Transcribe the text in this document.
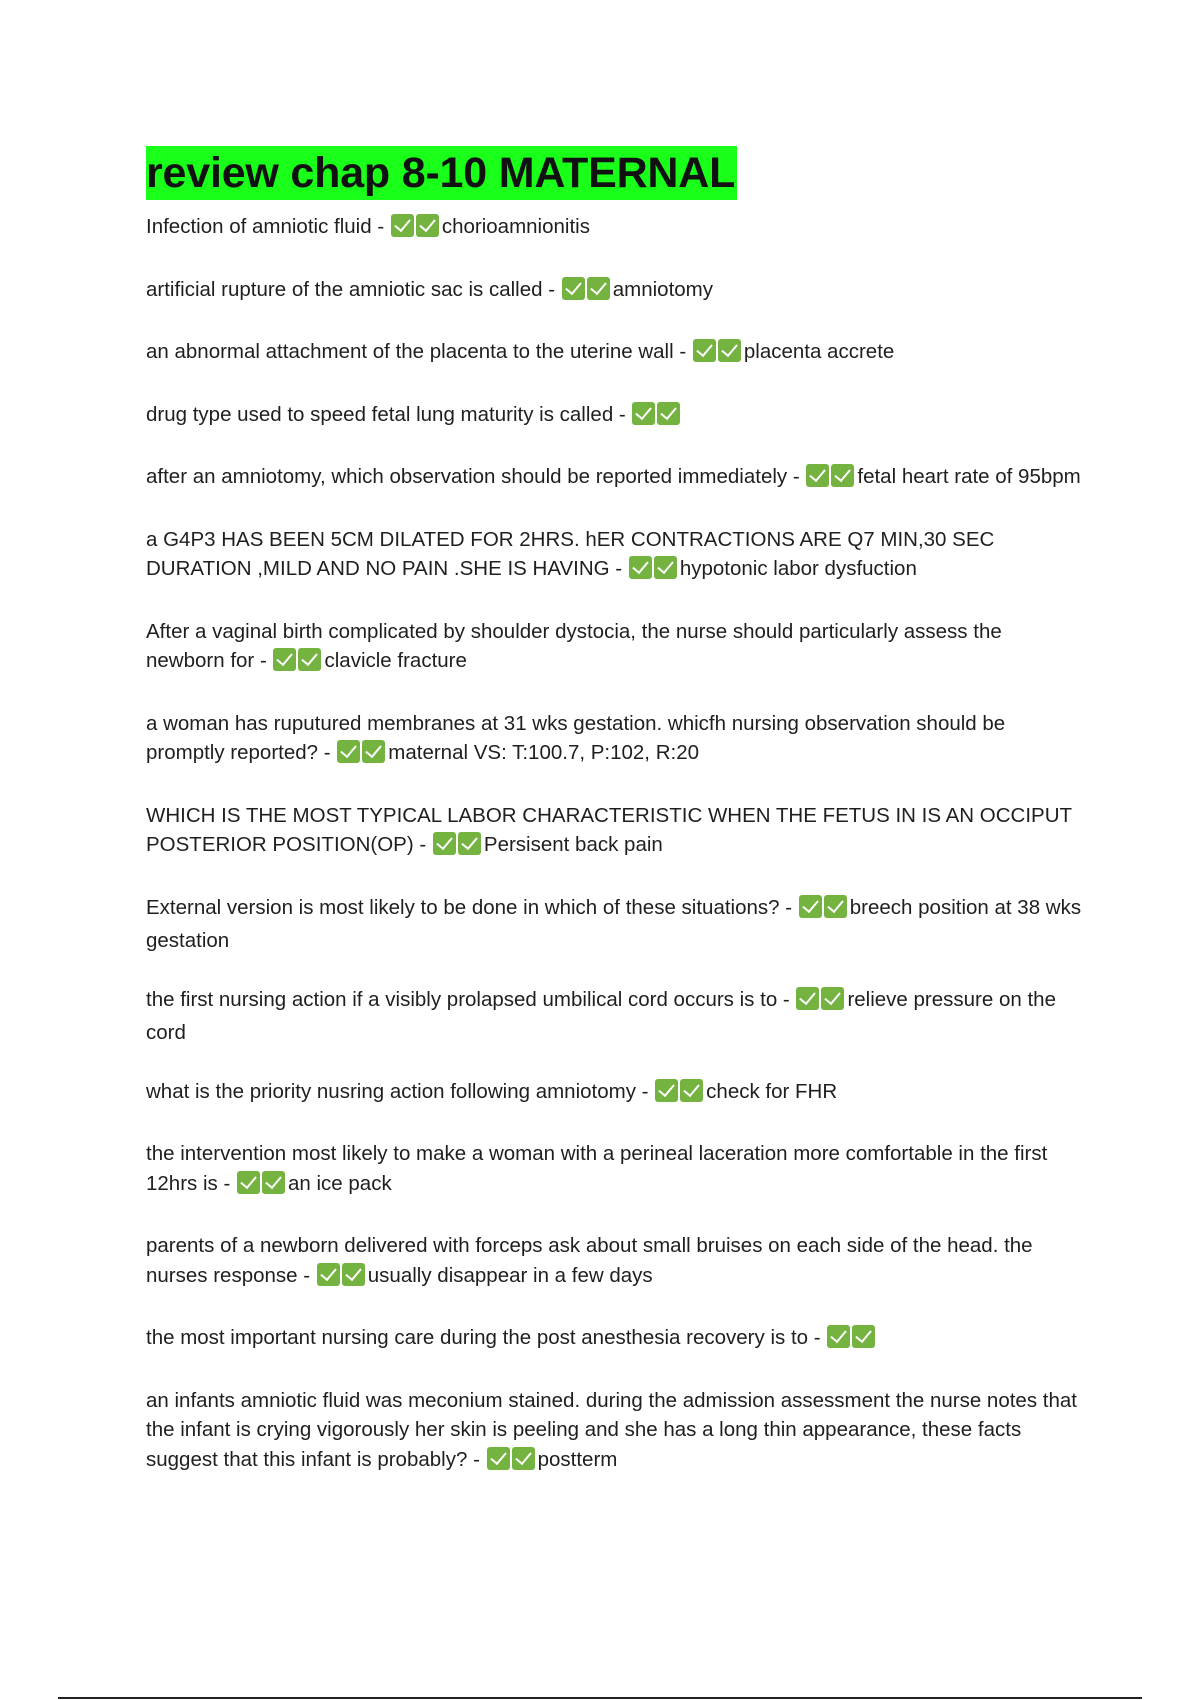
review chap 8-10 MATERNAL
Infection of amniotic fluid -	chorioamnionitis
artificial rupture of the amniotic sac is called -	amniotomy
an abnormal attachment of the placenta to the uterine wall -	placenta accrete
drug type used to speed fetal lung maturity is called -
after an amniotomy, which observation should be reported immediately -	fetal heart rate of 95bpm
a G4P3 HAS BEEN 5CM DILATED FOR 2HRS. hER CONTRACTIONS ARE Q7 MIN,30 SEC DURATION ,MILD AND NO PAIN .SHE IS HAVING -	hypotonic labor dysfuction
After a vaginal birth complicated by shoulder dystocia, the nurse should particularly assess the newborn for -	clavicle fracture
a woman has ruputured membranes at 31 wks gestation. whicfh nursing observation should be promptly reported? -	maternal VS: T:100.7, P:102, R:20
WHICH IS THE MOST TYPICAL LABOR CHARACTERISTIC WHEN THE FETUS IN IS AN OCCIPUT POSTERIOR POSITION(OP) -	Persisent back pain
External version is most likely to be done in which of these situations? -	breech position at 38 wks gestation
the first nursing action if a visibly prolapsed umbilical cord occurs is to -	relieve pressure on the cord
what is the priority nusring action following amniotomy -	check for FHR
the intervention most likely to make a woman with a perineal laceration more comfortable in the first 12hrs is -	an ice pack
parents of a newborn delivered with forceps ask about small bruises on each side of the head. the nurses response -	usually disappear in a few days
the most important nursing care during the post anesthesia recovery is to -
an infants amniotic fluid was meconium stained. during the admission assessment the nurse notes that the infant is crying vigorously her skin is peeling and she has a long thin appearance, these facts suggest that this infant is probably? -	postterm
